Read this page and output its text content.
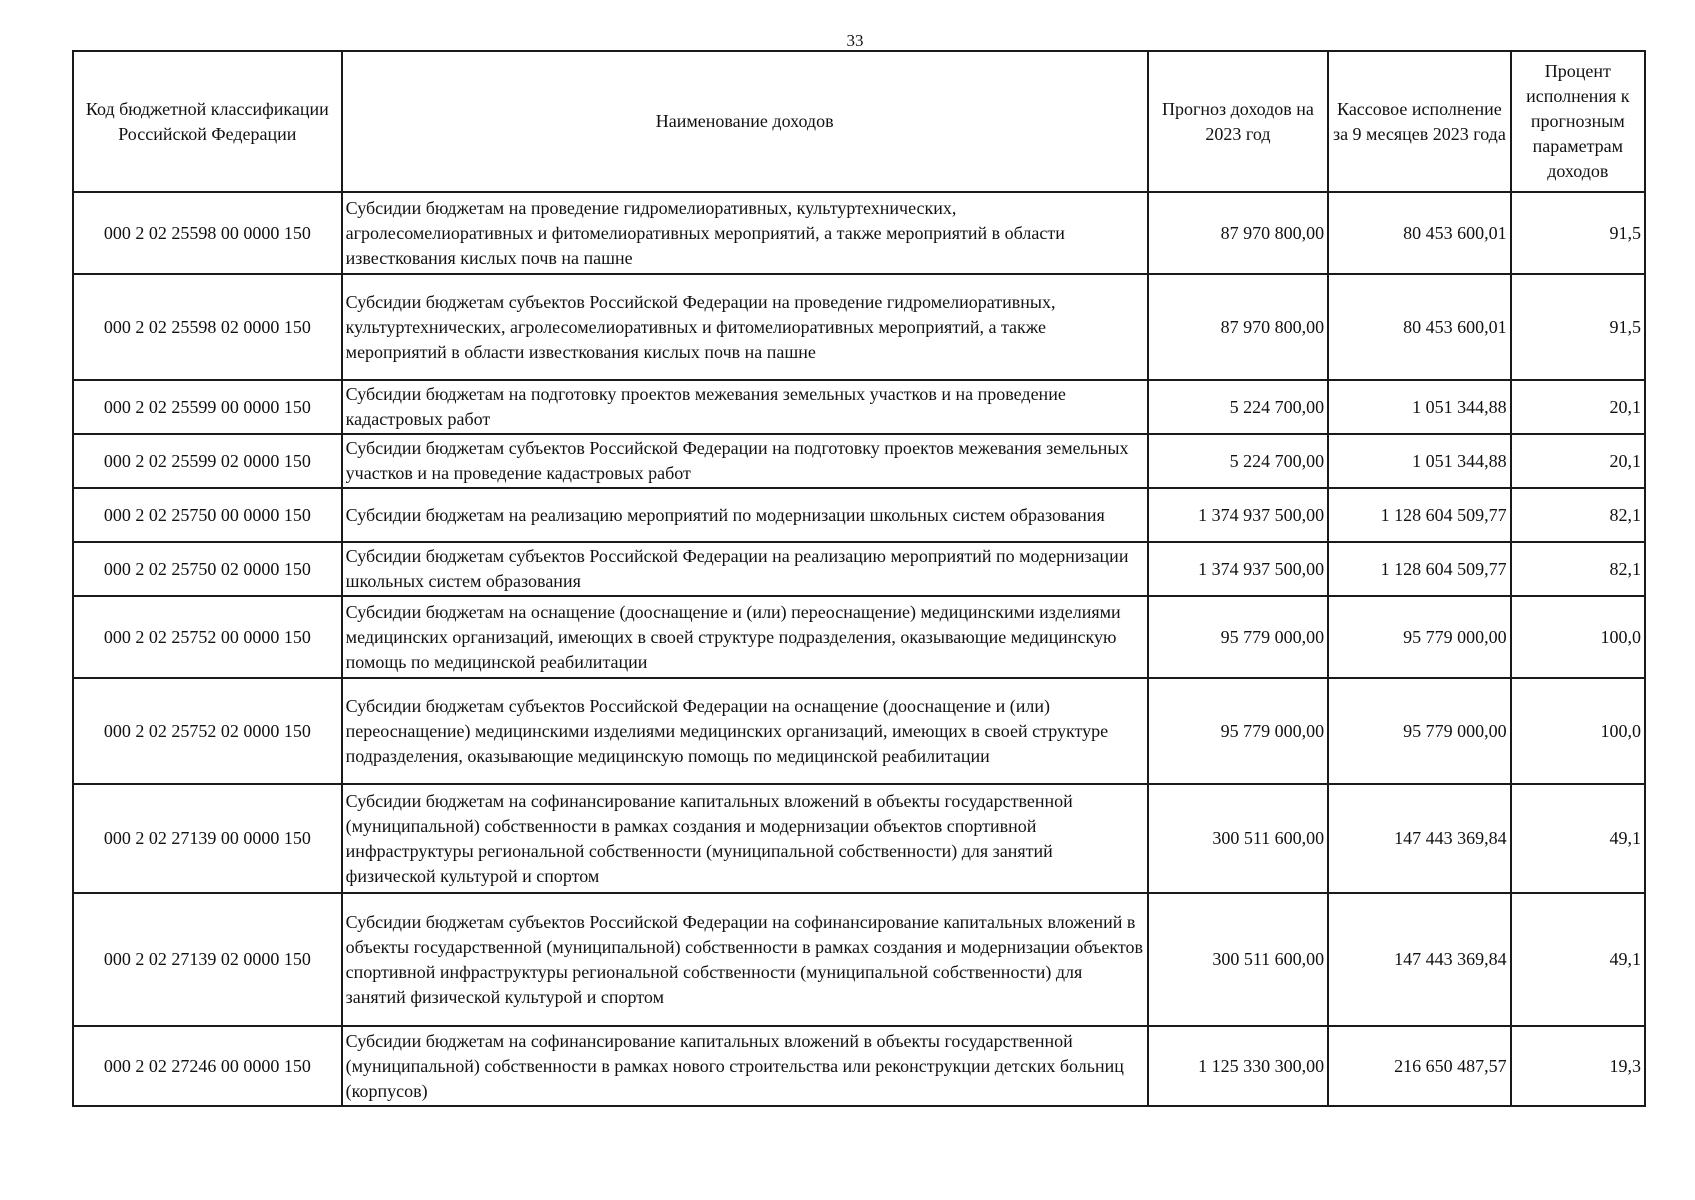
33
Код бюджетной классификации Российской Федерации	Наименование доходов	Прогноз доходов на 2023 год	Кассовое исполнение за 9 месяцев 2023 года	Процент исполнения к прогнозным параметрам доходов
000 2 02 25598 00 0000 150	Субсидии бюджетам на проведение гидромелиоративных, культуртехнических, агролесомелиоративных и фитомелиоративных мероприятий, а также мероприятий в области известкования кислых почв на пашне	87 970 800,00	80 453 600,01	91,5
000 2 02 25598 02 0000 150	Субсидии бюджетам субъектов Российской Федерации на проведение гидромелиоративных, культуртехнических, агролесомелиоративных и фитомелиоративных мероприятий, а также мероприятий в области известкования кислых почв на пашне	87 970 800,00	80 453 600,01	91,5
000 2 02 25599 00 0000 150	Субсидии бюджетам на подготовку проектов межевания земельных участков и на проведение кадастровых работ	5 224 700,00	1 051 344,88	20,1
000 2 02 25599 02 0000 150	Субсидии бюджетам субъектов Российской Федерации на подготовку проектов межевания земельных участков и на проведение кадастровых работ	5 224 700,00	1 051 344,88	20,1
000 2 02 25750 00 0000 150	Субсидии бюджетам на реализацию мероприятий по модернизации школьных систем образования	1 374 937 500,00	1 128 604 509,77	82,1
000 2 02 25750 02 0000 150	Субсидии бюджетам субъектов Российской Федерации на реализацию мероприятий по модернизации школьных систем образования	1 374 937 500,00	1 128 604 509,77	82,1
000 2 02 25752 00 0000 150	Субсидии бюджетам на оснащение (дооснащение и (или) переоснащение) медицинскими изделиями медицинских организаций, имеющих в своей структуре подразделения, оказывающие медицинскую помощь по медицинской реабилитации	95 779 000,00	95 779 000,00	100,0
000 2 02 25752 02 0000 150	Субсидии бюджетам субъектов Российской Федерации на оснащение (дооснащение и (или) переоснащение) медицинскими изделиями медицинских организаций, имеющих в своей структуре подразделения, оказывающие медицинскую помощь по медицинской реабилитации	95 779 000,00	95 779 000,00	100,0
000 2 02 27139 00 0000 150	Субсидии бюджетам на софинансирование капитальных вложений в объекты государственной (муниципальной) собственности в рамках создания и модернизации объектов спортивной инфраструктуры региональной собственности (муниципальной собственности) для занятий физической культурой и спортом	300 511 600,00	147 443 369,84	49,1
000 2 02 27139 02 0000 150	Субсидии бюджетам субъектов Российской Федерации на софинансирование капитальных вложений в объекты государственной (муниципальной) собственности в рамках создания и модернизации объектов спортивной инфраструктуры региональной собственности (муниципальной собственности) для занятий физической культурой и спортом	300 511 600,00	147 443 369,84	49,1
000 2 02 27246 00 0000 150	Субсидии бюджетам на софинансирование капитальных вложений в объекты государственной (муниципальной) собственности в рамках нового строительства или реконструкции детских больниц (корпусов)	1 125 330 300,00	216 650 487,57	19,3
